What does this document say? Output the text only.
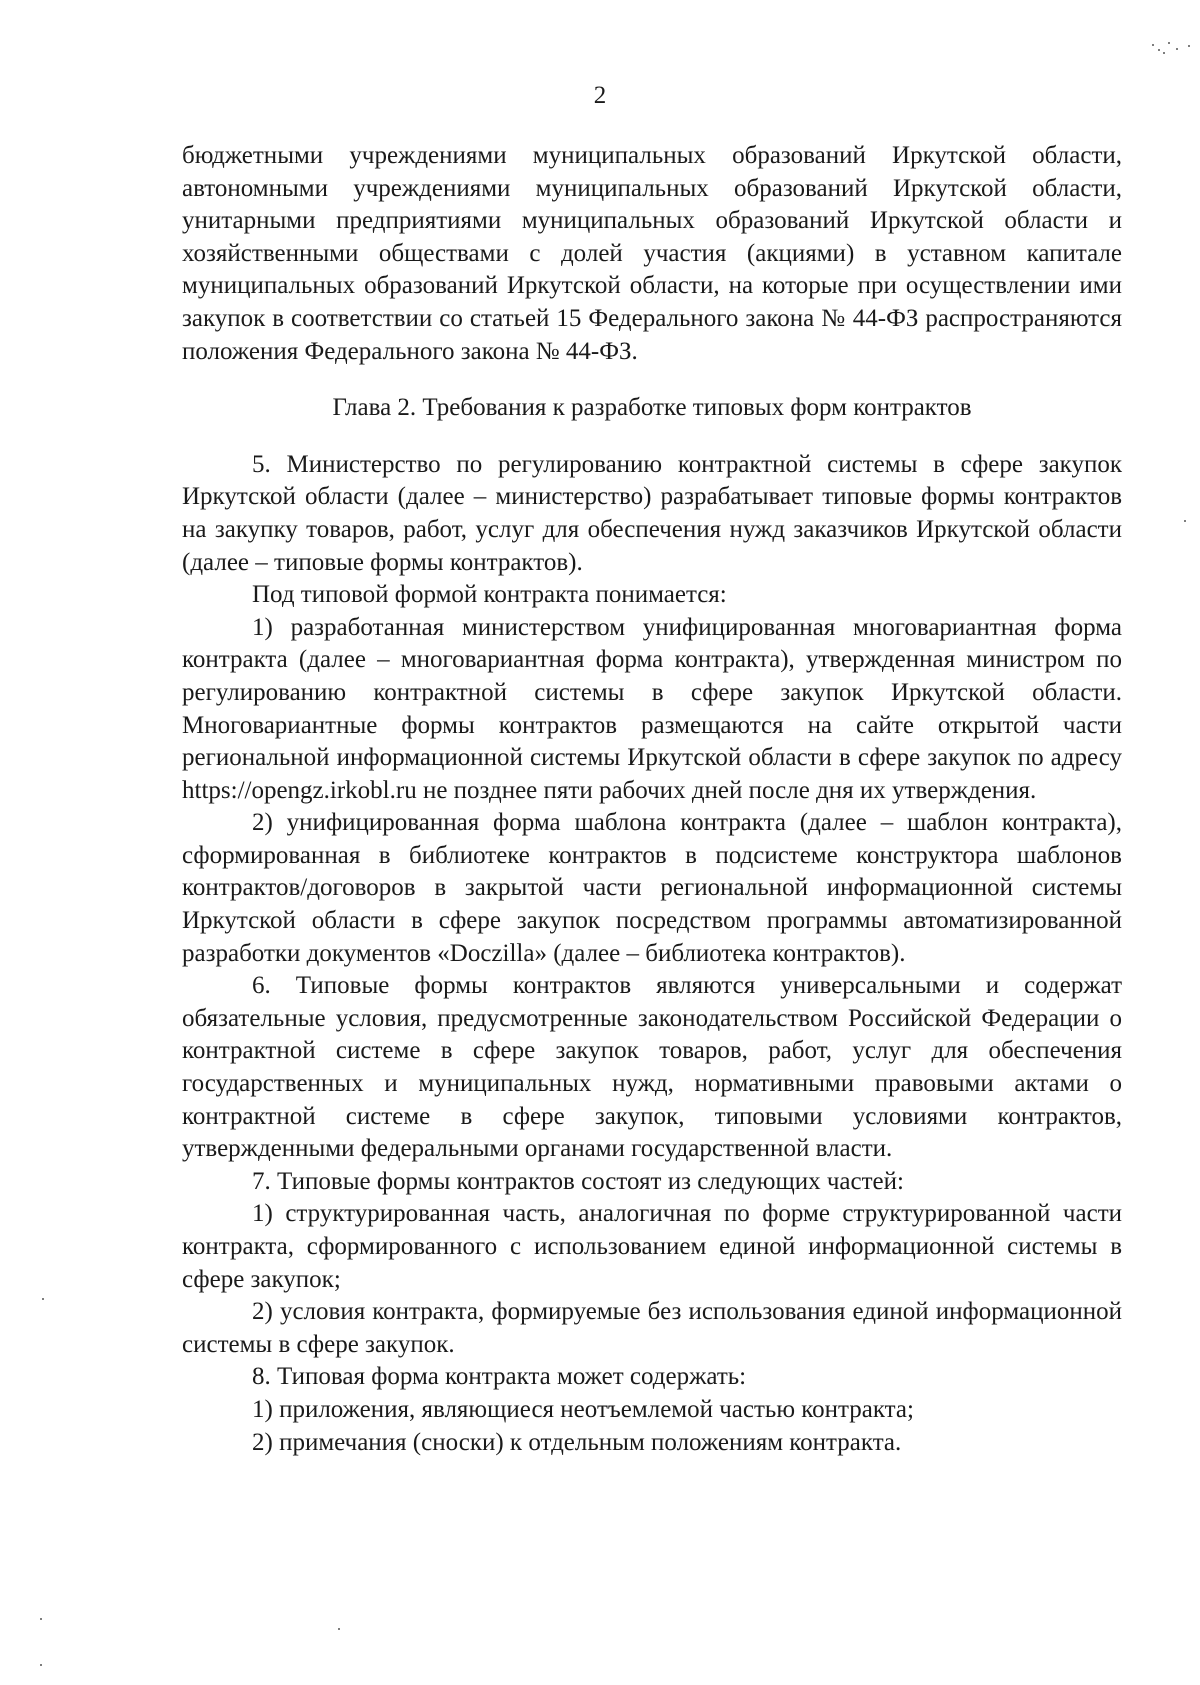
2

бюджетными учреждениями муниципальных образований Иркутской области, автономными учреждениями муниципальных образований Иркутской области, унитарными предприятиями муниципальных образований Иркутской области и хозяйственными обществами с долей участия (акциями) в уставном капитале муниципальных образований Иркутской области, на которые при осуществлении ими закупок в соответствии со статьей 15 Федерального закона № 44-ФЗ распространяются положения Федерального закона № 44-ФЗ.

Глава 2. Требования к разработке типовых форм контрактов

5. Министерство по регулированию контрактной системы в сфере закупок Иркутской области (далее – министерство) разрабатывает типовые формы контрактов на закупку товаров, работ, услуг для обеспечения нужд заказчиков Иркутской области (далее – типовые формы контрактов).

Под типовой формой контракта понимается:

1) разработанная министерством унифицированная многовариантная форма контракта (далее – многовариантная форма контракта), утвержденная министром по регулированию контрактной системы в сфере закупок Иркутской области. Многовариантные формы контрактов размещаются на сайте открытой части региональной информационной системы Иркутской области в сфере закупок по адресу https://opengz.irkobl.ru не позднее пяти рабочих дней после дня их утверждения.

2) унифицированная форма шаблона контракта (далее – шаблон контракта), сформированная в библиотеке контрактов в подсистеме конструктора шаблонов контрактов/договоров в закрытой части региональной информационной системы Иркутской области в сфере закупок посредством программы автоматизированной разработки документов «Doczilla» (далее – библиотека контрактов).

6. Типовые формы контрактов являются универсальными и содержат обязательные условия, предусмотренные законодательством Российской Федерации о контрактной системе в сфере закупок товаров, работ, услуг для обеспечения государственных и муниципальных нужд, нормативными правовыми актами о контрактной системе в сфере закупок, типовыми условиями контрактов, утвержденными федеральными органами государственной власти.

7. Типовые формы контрактов состоят из следующих частей:

1) структурированная часть, аналогичная по форме структурированной части контракта, сформированного с использованием единой информационной системы в сфере закупок;

2) условия контракта, формируемые без использования единой информационной системы в сфере закупок.

8. Типовая форма контракта может содержать:

1) приложения, являющиеся неотъемлемой частью контракта;

2) примечания (сноски) к отдельным положениям контракта.
